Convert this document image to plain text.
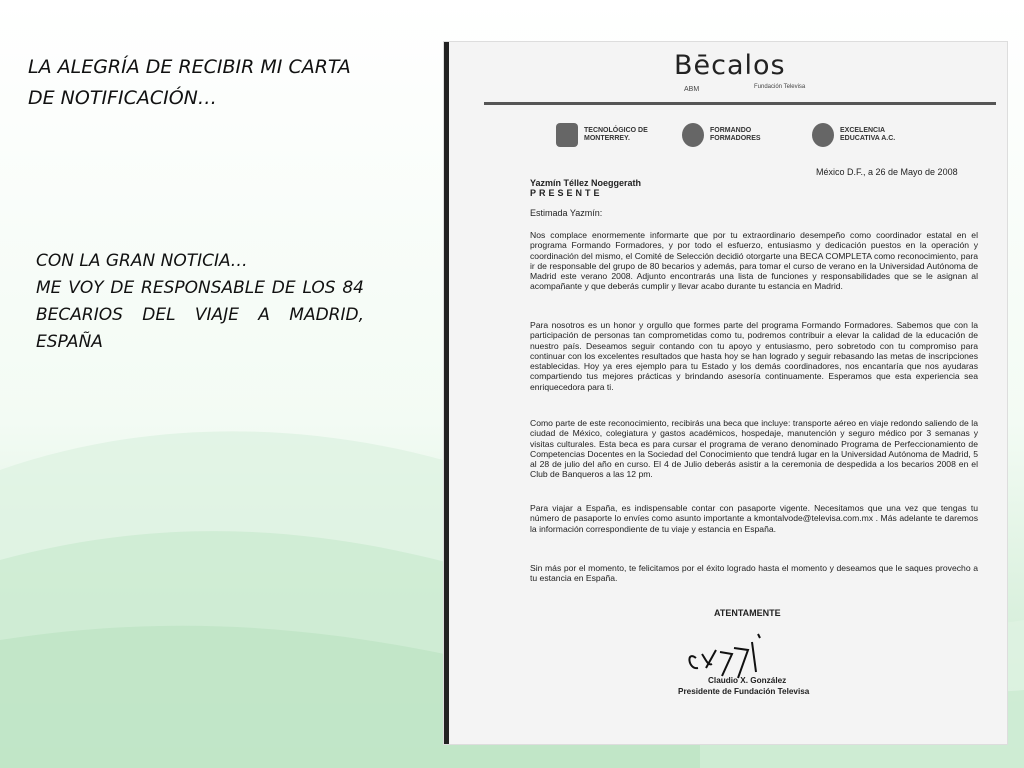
LA ALEGRÍA DE RECIBIR MI CARTA DE NOTIFICACIÓN…
CON LA GRAN NOTICIA…
ME VOY DE RESPONSABLE DE LOS 84 BECARIOS DEL VIAJE A MADRID, ESPAÑA
Bēcalos
ABM	Fundación Televisa
TECNOLÓGICO DE MONTERREY.
FORMANDO FORMADORES
EXCELENCIA EDUCATIVA A.C.
México D.F., a 26 de Mayo de 2008
Yazmín Téllez Noeggerath
PRESENTE
Estimada Yazmín:
Nos complace enormemente informarte que por tu extraordinario desempeño como coordinador estatal en el programa Formando Formadores, y por todo el esfuerzo, entusiasmo y dedicación puestos en la operación y coordinación del mismo, el Comité de Selección decidió otorgarte una BECA COMPLETA como reconocimiento, para ir de responsable del grupo de 80 becarios y además, para tomar el curso de verano en la Universidad Autónoma de Madrid este verano 2008. Adjunto encontrarás una lista de funciones y responsabilidades que se le asignan al acompañante y que deberás cumplir y llevar acabo durante tu estancia en Madrid.
Para nosotros es un honor y orgullo que formes parte del programa Formando Formadores. Sabemos que con la participación de personas tan comprometidas como tu, podremos contribuir a elevar la calidad de la educación de nuestro país. Deseamos seguir contando con tu apoyo y entusiasmo, pero sobretodo con tu compromiso para continuar con los excelentes resultados que hasta hoy se han logrado y seguir rebasando las metas de inscripciones establecidas. Hoy ya eres ejemplo para tu Estado y los demás coordinadores, nos encantaría que nos ayudaras compartiendo tus mejores prácticas y brindando asesoría continuamente. Esperamos que esta experiencia sea enriquecedora para ti.
Como parte de este reconocimiento, recibirás una beca que incluye: transporte aéreo en viaje redondo saliendo de la ciudad de México, colegiatura y gastos académicos, hospedaje, manutención y seguro médico por 3 semanas y visitas culturales. Esta beca es para cursar el programa de verano denominado Programa de Perfeccionamiento de Competencias Docentes en la Sociedad del Conocimiento que tendrá lugar en la Universidad Autónoma de Madrid, 5 al 28 de julio del año en curso. El 4 de Julio deberás asistir a la ceremonia de despedida a los becarios 2008 en el Club de Banqueros a las 12 pm.
Para viajar a España, es indispensable contar con pasaporte vigente. Necesitamos que una vez que tengas tu número de pasaporte lo envíes como asunto importante a kmontalvode@televisa.com.mx . Más adelante te daremos la información correspondiente de tu viaje y estancia en España.
Sin más por el momento, te felicitamos por el éxito logrado hasta el momento y deseamos que le saques provecho a tu estancia en España.
ATENTAMENTE
Claudio X. González
Presidente de Fundación Televisa
